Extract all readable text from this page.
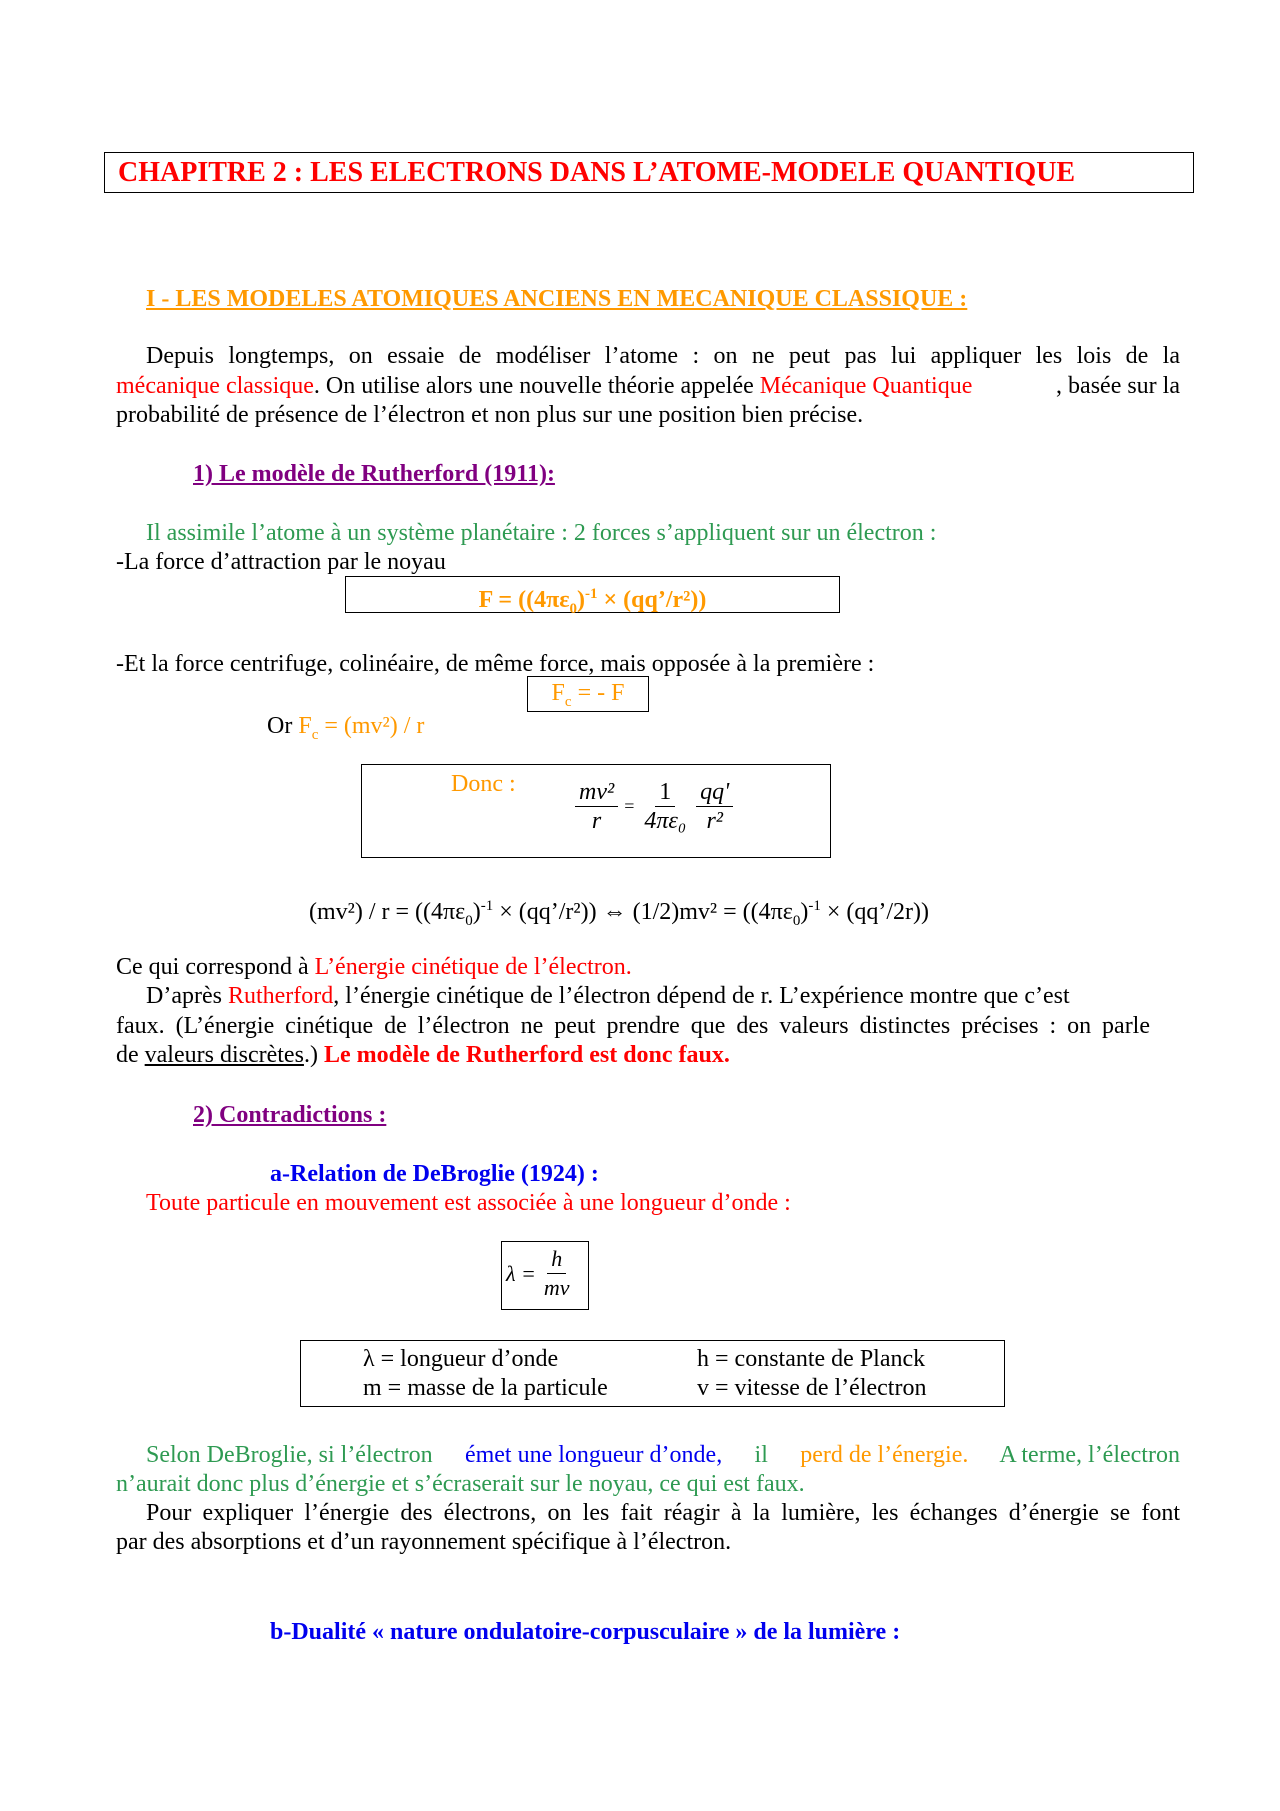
CHAPITRE 2 : LES ELECTRONS DANS L’ATOME-MODELE QUANTIQUE
I - LES MODELES ATOMIQUES ANCIENS EN MECANIQUE CLASSIQUE :
Depuis longtemps, on essaie de modéliser l’atome : on ne peut pas lui appliquer les lois de la
mécanique classique. On utilise alors une nouvelle théorie appelée Mécanique Quantique	, basée sur la
probabilité de présence de l’électron et non plus sur une position bien précise.
1) Le modèle de Rutherford (1911):
Il assimile l’atome à un système planétaire : 2 forces s’appliquent sur un électron :
-La force d’attraction par le noyau
$F = ((4\pi\varepsilon_0)^{-1}$ × (qq’/r²))
-Et la force centrifuge, colinéaire, de même force, mais opposée à la première :
$F_c$ = - F
Or $F_c = (mv^2) / r$
Donc : $\frac{\text{mv²}}{r} = \frac{1}{\text{4πε₀}} \frac{qq'}{\text{r²}}$
$(mv^2) / r = ((4\pi\varepsilon_0)^{-1}$ × (qq’/r²)) ⇔ $(1/2)mv^2 = ((4\pi\varepsilon_0)^{-1}$ × (qq’/2r))
Ce qui correspond à L’énergie cinétique de l’électron.
D’après Rutherford, l’énergie cinétique de l’électron dépend de r. L’expérience montre que c’est
faux. (L’énergie cinétique de l’électron ne peut prendre que des valeurs distinctes précises : on parle
de valeurs discrètes.) Le modèle de Rutherford est donc faux.
2) Contradictions :
a-Relation de DeBroglie (1924) :
Toute particule en mouvement est associée à une longueur d’onde :
$\lambda = \frac{h}{mv}$
λ = longueur d’onde	h = constante de Planck
m = masse de la particule	v = vitesse de l’électron
Selon DeBroglie, si l’électron émet une longueur d’onde, il perd de l’énergie. A terme, l’électron
n’aurait donc plus d’énergie et s’écraserait sur le noyau, ce qui est faux.
Pour expliquer l’énergie des électrons, on les fait réagir à la lumière, les échanges d’énergie se font
par des absorptions et d’un rayonnement spécifique à l’électron.
b-Dualité « nature ondulatoire-corpusculaire » de la lumière :
